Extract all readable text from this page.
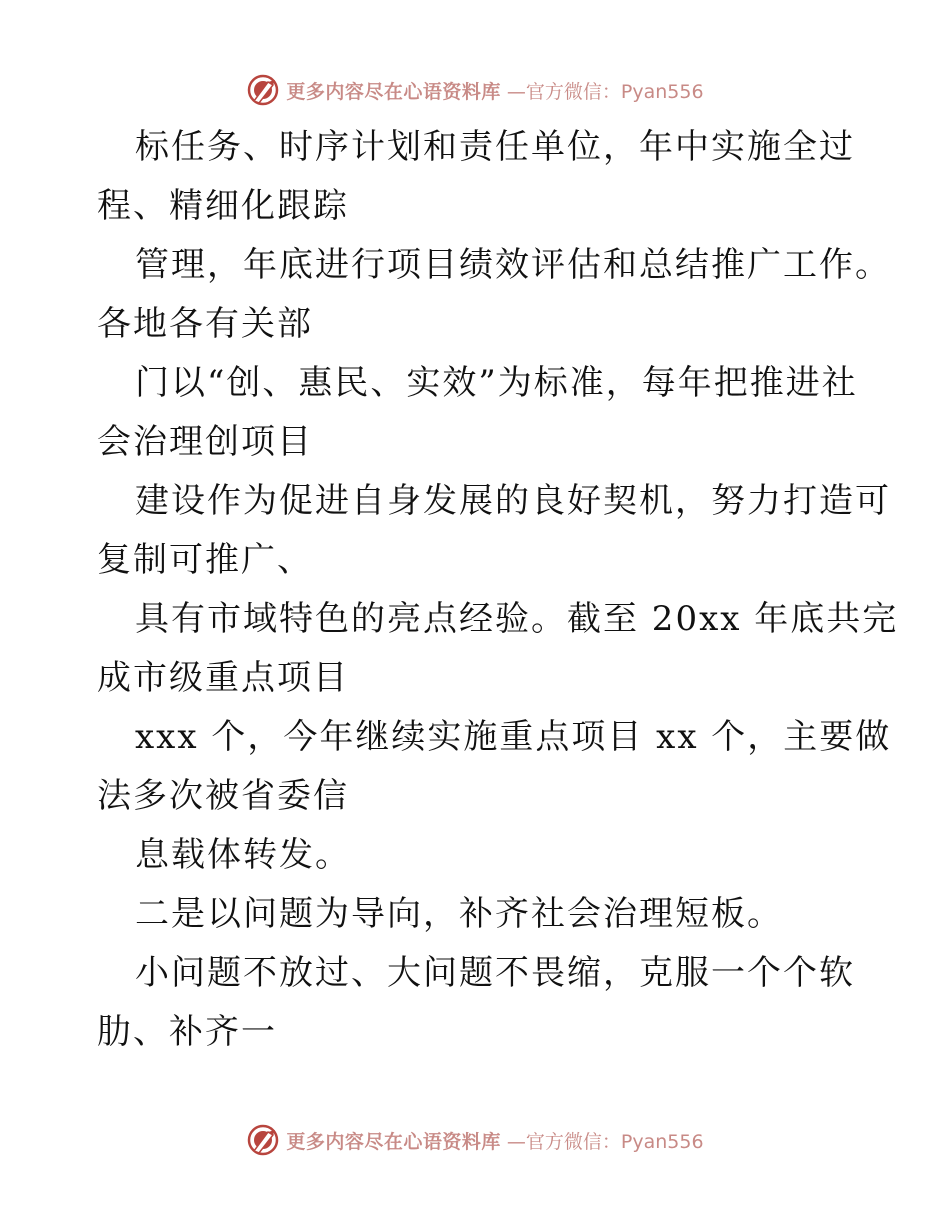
更多内容尽在心语资料库 —官方微信：Pyan556
标任务、时序计划和责任单位，年中实施全过
程、精细化跟踪
管理，年底进行项目绩效评估和总结推广工作。
各地各有关部
门以“创、惠民、实效”为标准，每年把推进社
会治理创项目
建设作为促进自身发展的良好契机，努力打造可
复制可推广、
具有市域特色的亮点经验。截至 20xx 年底共完
成市级重点项目
xxx 个，今年继续实施重点项目 xx 个，主要做
法多次被省委信
息载体转发。
二是以问题为导向，补齐社会治理短板。
小问题不放过、大问题不畏缩，克服一个个软
肋、补齐一
更多内容尽在心语资料库 —官方微信：Pyan556
